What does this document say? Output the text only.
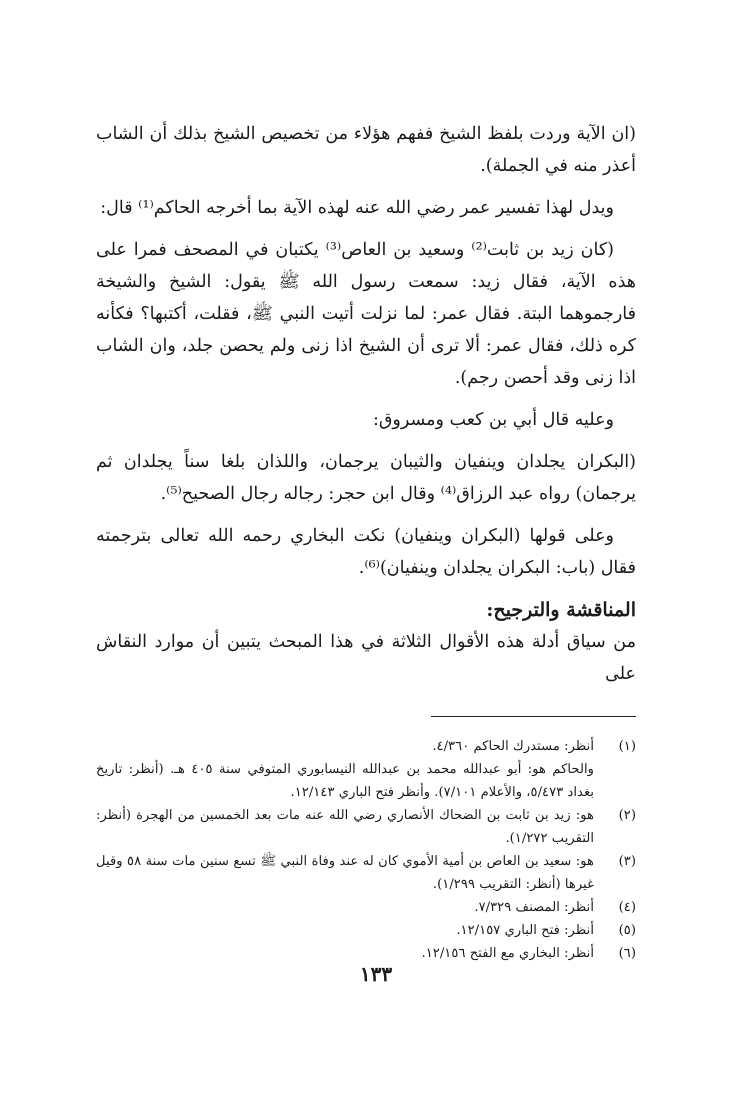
(ان الآية وردت بلفظ الشيخ ففهم هؤلاء من تخصيص الشيخ بذلك أن الشاب أعذر منه في الجملة).

ويدل لهذا تفسير عمر رضي الله عنه لهذه الآية بما أخرجه الحاكم⁽¹⁾ قال:

(كان زيد بن ثابت⁽²⁾ وسعيد بن العاص⁽³⁾ يكتبان في المصحف فمرا على هذه الآية، فقال زيد: سمعت رسول الله ﷺ يقول: الشيخ والشيخة فارجموهما البتة. فقال عمر: لما نزلت أتيت النبي ﷺ، فقلت، أكتبها؟ فكأنه كره ذلك، فقال عمر: ألا ترى أن الشيخ اذا زنى ولم يحصن جلد، وان الشاب اذا زنى وقد أحصن رجم).

وعليه قال أبي بن كعب ومسروق:

(البكران يجلدان وينفيان والثيبان يرجمان، واللذان بلغا سناً يجلدان ثم يرجمان) رواه عبد الرزاق⁽⁴⁾ وقال ابن حجر: رجاله رجال الصحيح⁽⁵⁾.

وعلى قولها (البكران وينفيان) نكت البخاري رحمه الله تعالى بترجمته فقال (باب: البكران يجلدان وينفيان)⁽⁶⁾.

المناقشة والترجيح:

من سياق أدلة هذه الأقوال الثلاثة في هذا المبحث يتبين أن موارد النقاش على

(١)
أنظر: مستدرك الحاكم ٤/٣٦٠.
والحاكم هو: أبو عبدالله محمد بن عبدالله النيسابوري المتوفي سنة ٤٠٥ هـ. (أنظر: تاريخ بغداد ٥/٤٧٣، والأعلام ٧/١٠١). وأنظر فتح الباري ١٢/١٤٣.
(٢)
هو: زيد بن ثابت بن الضحاك الأنصاري رضي الله عنه مات بعد الخمسين من الهجرة (أنظر: التقريب ١/٢٧٢).
(٣)
هو: سعيد بن العاص بن أمية الأموي كان له عند وفاة النبي ﷺ تسع سنين مات سنة ٥٨ وقيل غيرها (أنظر: التقريب ١/٢٩٩).
(٤)
أنظر: المصنف ٧/٣٢٩.
(٥)
أنظر: فتح الباري ١٢/١٥٧.
(٦)
أنظر: البخاري مع الفتح ١٢/١٥٦.
١٣٣
